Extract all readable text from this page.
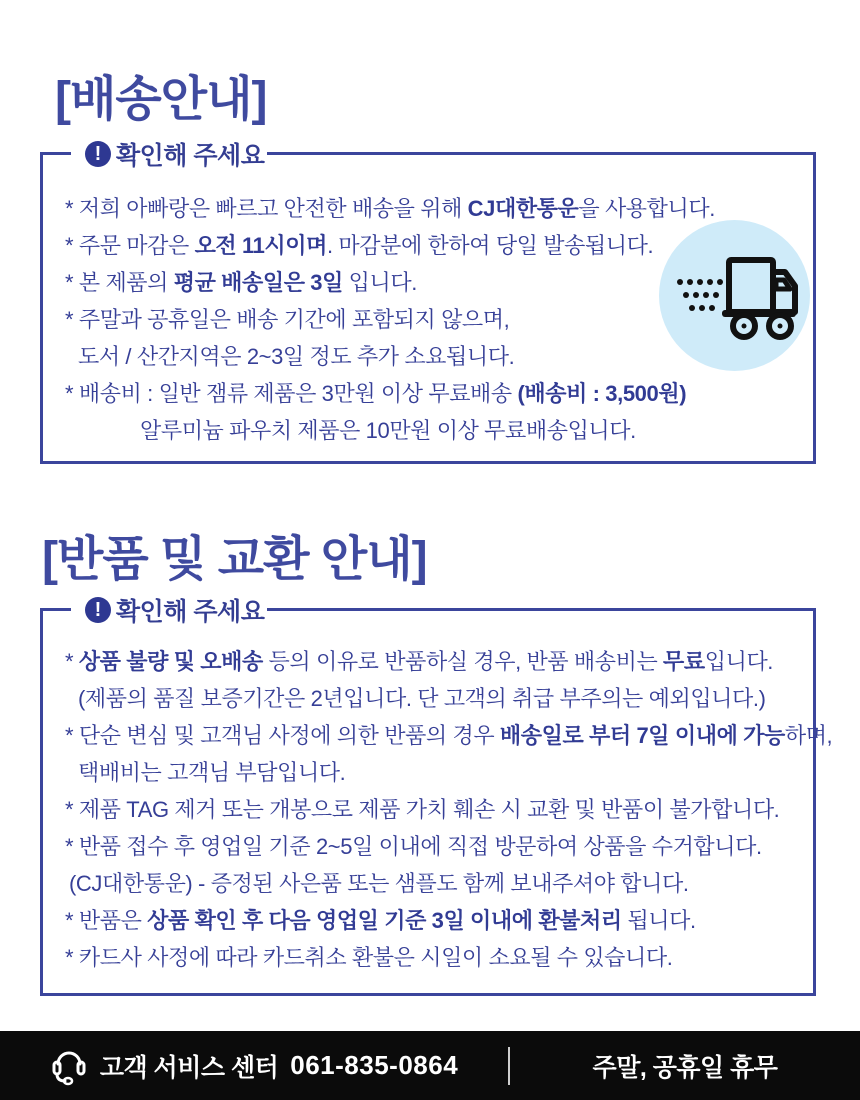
[배송안내]
! 확인해 주세요

* 저희 아빠랑은 빠르고 안전한 배송을 위해 CJ대한통운을 사용합니다.

* 주문 마감은 오전 11시이며. 마감분에 한하여 당일 발송됩니다.

* 본 제품의 평균 배송일은 3일 입니다.

* 주말과 공휴일은 배송 기간에 포함되지 않으며,

도서 / 산간지역은 2~3일 정도 추가 소요됩니다.

* 배송비 : 일반 잼류 제품은 3만원 이상 무료배송 (배송비 : 3,500원)

알루미늄 파우치 제품은 10만원 이상 무료배송입니다.

[반품 및 교환 안내]
! 확인해 주세요

* 상품 불량 및 오배송 등의 이유로 반품하실 경우, 반품 배송비는 무료입니다.

(제품의 품질 보증기간은 2년입니다. 단 고객의 취급 부주의는 예외입니다.)

* 단순 변심 및 고객님 사정에 의한 반품의 경우 배송일로 부터 7일 이내에 가능하며,

택배비는 고객님 부담입니다.

* 제품 TAG 제거 또는 개봉으로 제품 가치 훼손 시 교환 및 반품이 불가합니다.

* 반품 접수 후 영업일 기준 2~5일 이내에 직접 방문하여 상품을 수거합니다.

(CJ대한통운) - 증정된 사은품 또는 샘플도 함께 보내주셔야 합니다.

* 반품은 상품 확인 후 다음 영업일 기준 3일 이내에 환불처리 됩니다.

* 카드사 사정에 따라 카드취소 환불은 시일이 소요될 수 있습니다.

고객 서비스 센터 061-835-0864	주말, 공휴일 휴무
